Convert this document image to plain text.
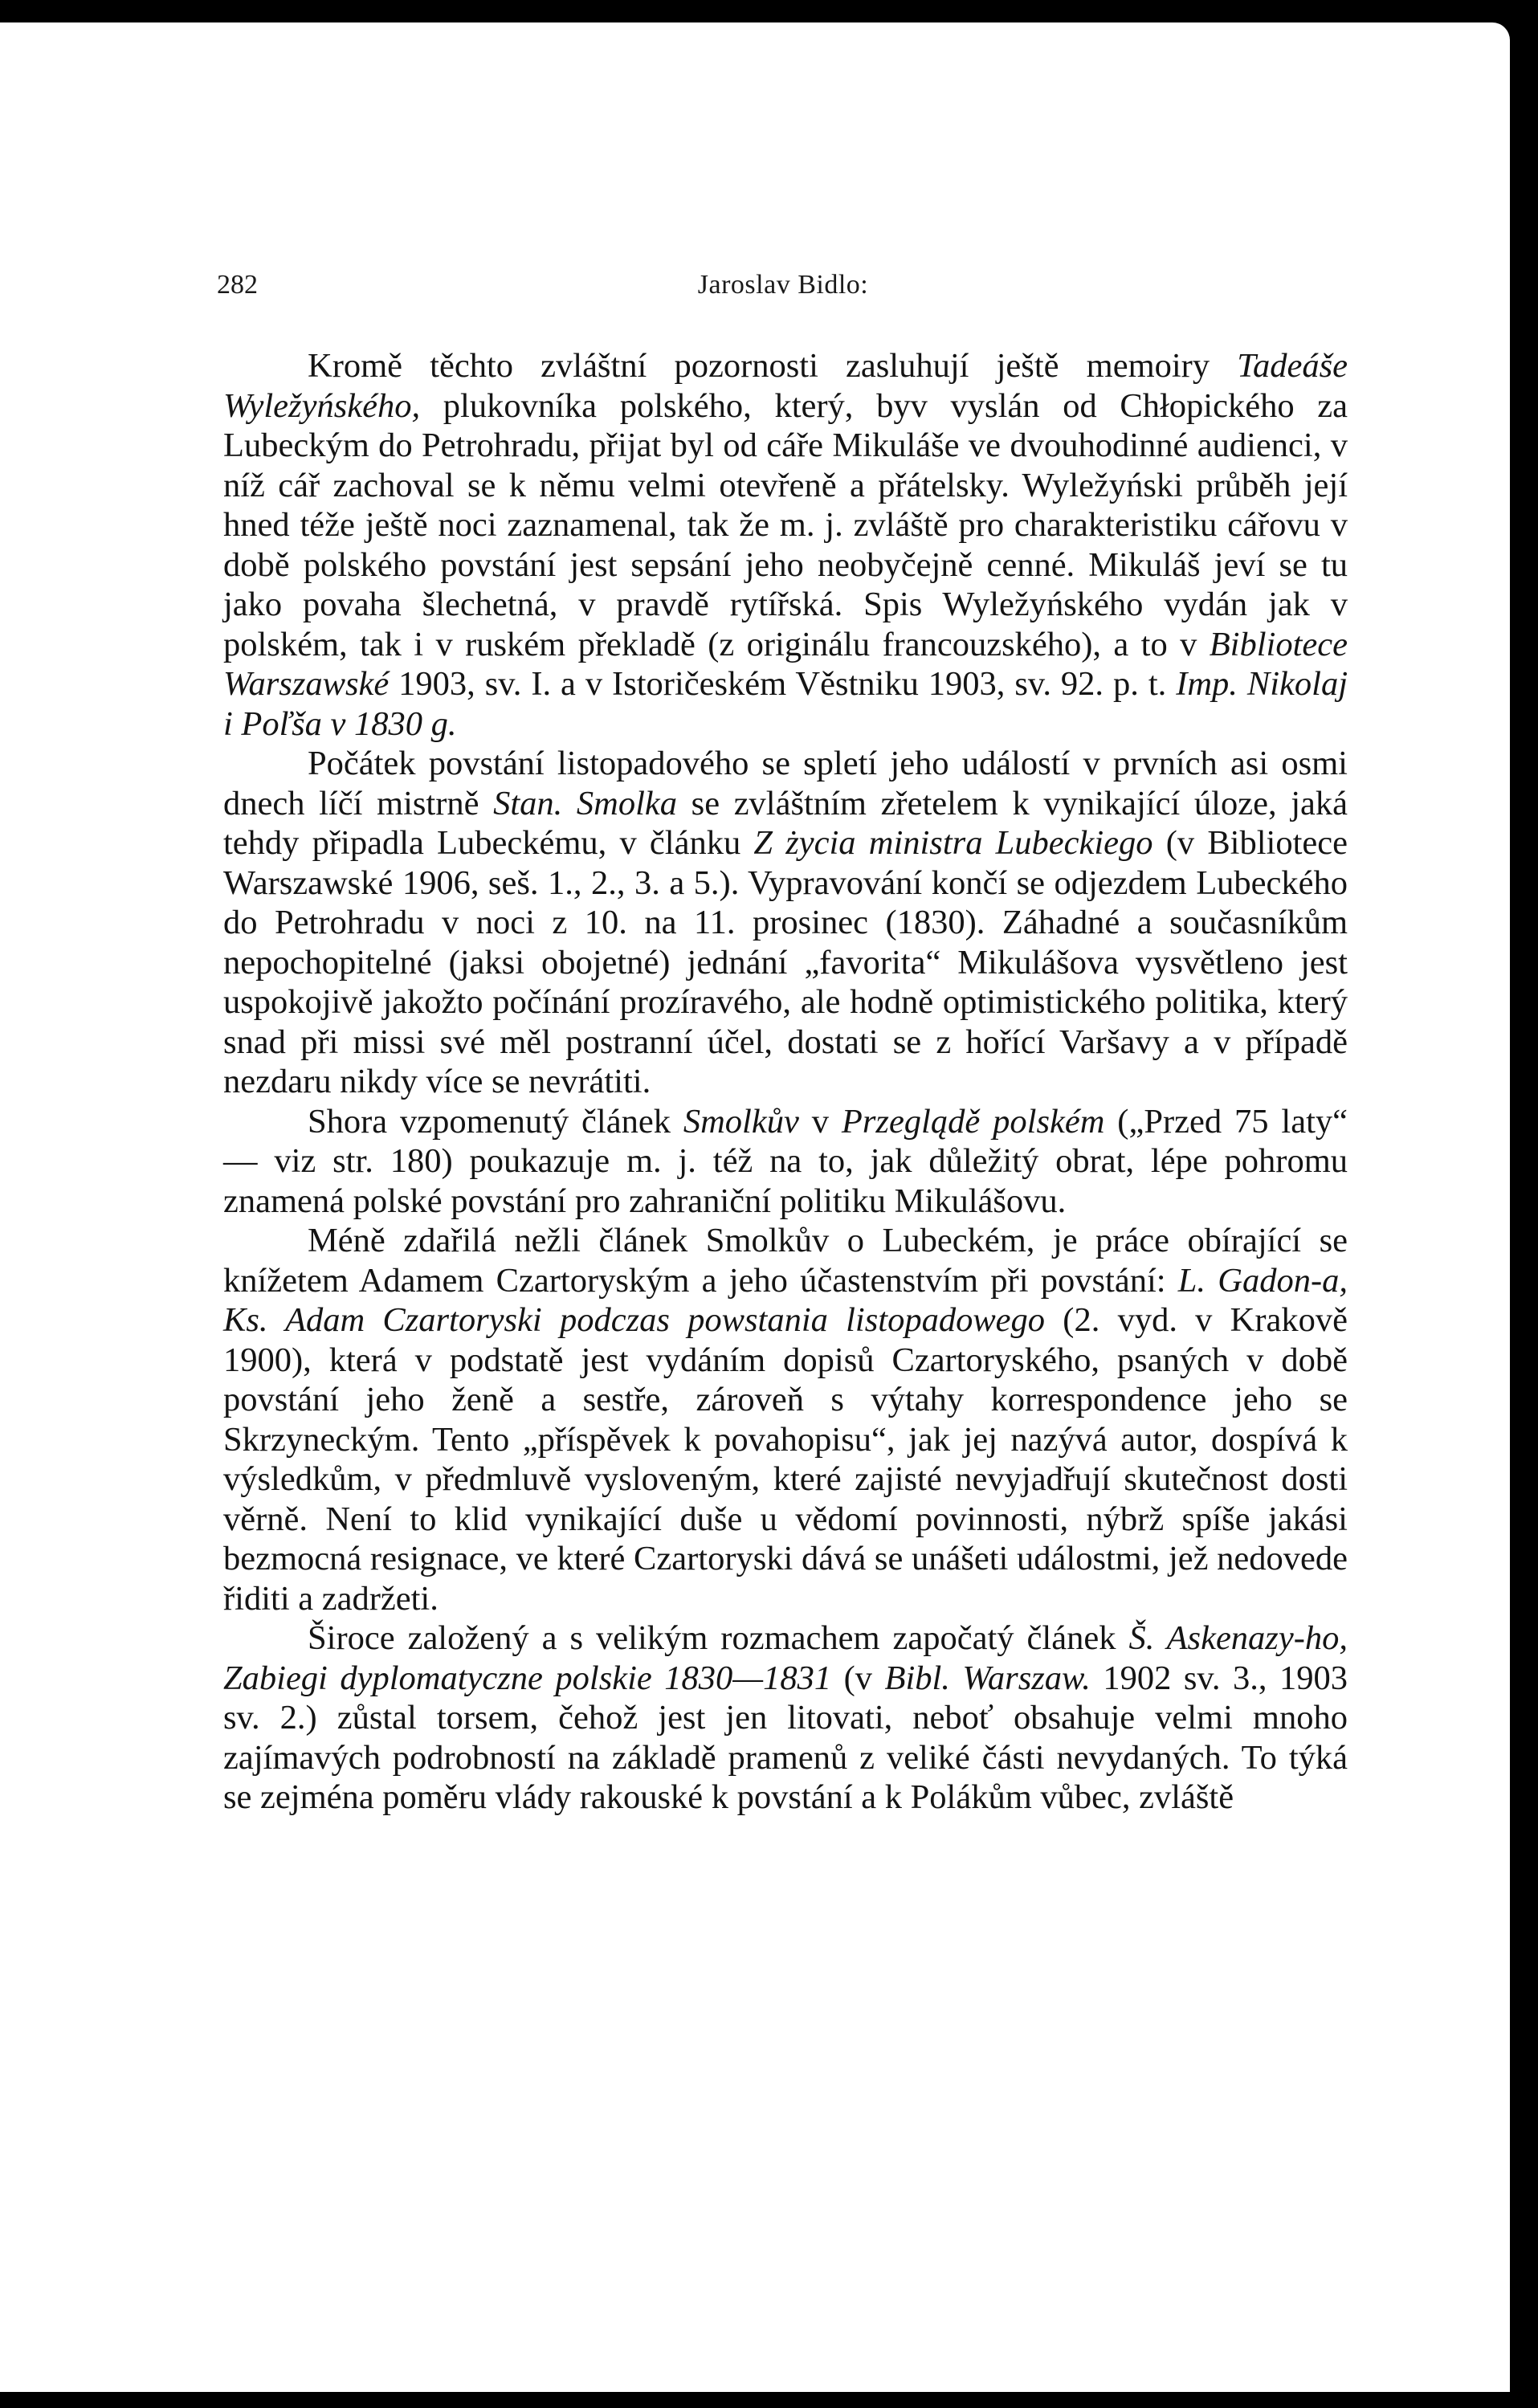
282	Jaroslav Bidlo:

Kromě těchto zvláštní pozornosti zasluhují ještě memoiry Tadeáše Wyležyńského, plukovníka polského, který, byv vyslán od Chłopického za Lubeckým do Petrohradu, přijat byl od cáře Mikuláše ve dvouhodinné audienci, v níž cář zachoval se k němu velmi otevřeně a přátelsky. Wyležyński průběh její hned téže ještě noci zaznamenal, tak že m. j. zvláště pro charakteristiku cářovu v době polského povstání jest sepsání jeho neobyčejně cenné. Mikuláš jeví se tu jako povaha šlechetná, v pravdě rytířská. Spis Wyležyńského vydán jak v polském, tak i v ruském překladě (z originálu francouzského), a to v Bibliotece Warszawské 1903, sv. I. a v Istoričeském Věstniku 1903, sv. 92. p. t. Imp. Nikolaj i Poľša v 1830 g.

Počátek povstání listopadového se spletí jeho událostí v prvních asi osmi dnech líčí mistrně Stan. Smolka se zvláštním zřetelem k vynikající úloze, jaká tehdy připadla Lubeckému, v článku Z życia ministra Lubeckiego (v Bibliotece Warszawské 1906, seš. 1., 2., 3. a 5.). Vypravování končí se odjezdem Lubeckého do Petrohradu v noci z 10. na 11. prosinec (1830). Záhadné a současníkům nepochopitelné (jaksi obojetné) jednání „favorita“ Mikulášova vysvětleno jest uspokojivě jakožto počínání prozíravého, ale hodně optimistického politika, který snad při missi své měl postranní účel, dostati se z hořící Varšavy a v případě nezdaru nikdy více se nevrátiti.

Shora vzpomenutý článek Smolkův v Przeglądě polském („Przed 75 laty“ — viz str. 180) poukazuje m. j. též na to, jak důležitý obrat, lépe pohromu znamená polské povstání pro zahraniční politiku Mikulášovu.

Méně zdařilá nežli článek Smolkův o Lubeckém, je práce obírající se knížetem Adamem Czartoryským a jeho účastenstvím při povstání: L. Gadon-a, Ks. Adam Czartoryski podczas powstania listopadowego (2. vyd. v Krakově 1900), která v podstatě jest vydáním dopisů Czartoryského, psaných v době povstání jeho ženě a sestře, zároveň s výtahy korrespondence jeho se Skrzyneckým. Tento „příspěvek k povahopisu“, jak jej nazývá autor, dospívá k výsledkům, v předmluvě vysloveným, které zajisté nevyjadřují skutečnost dosti věrně. Není to klid vynikající duše u vědomí povinnosti, nýbrž spíše jakási bezmocná resignace, ve které Czartoryski dává se unášeti událostmi, jež nedovede řiditi a zadržeti.

Široce založený a s velikým rozmachem započatý článek Š. Askenazy-ho, Zabiegi dyplomatyczne polskie 1830—1831 (v Bibl. Warszaw. 1902 sv. 3., 1903 sv. 2.) zůstal torsem, čehož jest jen litovati, neboť obsahuje velmi mnoho zajímavých podrobností na základě pramenů z veliké části nevydaných. To týká se zejména poměru vlády rakouské k povstání a k Polákům vůbec, zvláště
